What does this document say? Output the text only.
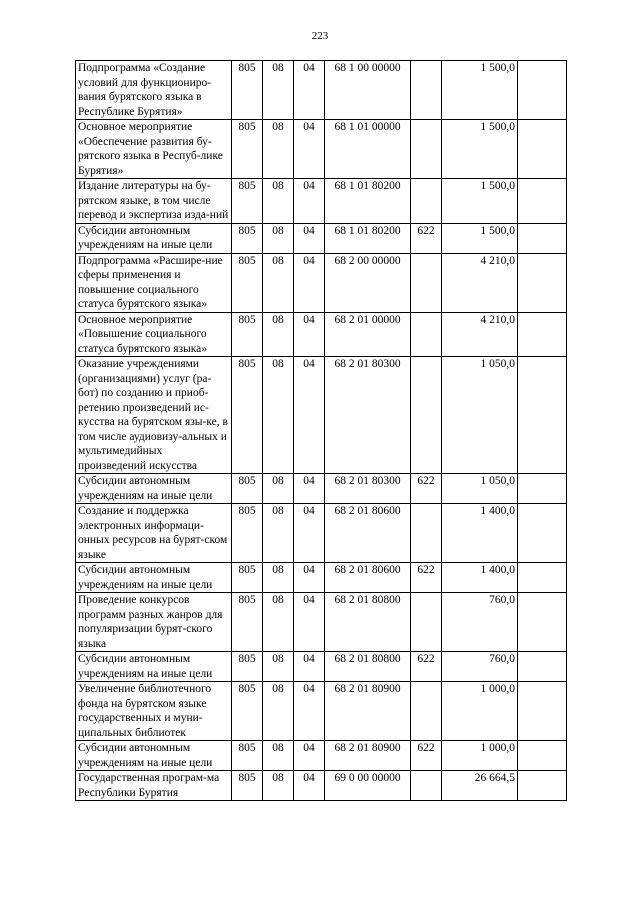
223
Подпрограмма «Создание условий для функциониро-вания бурятского языка в Республике Бурятия»	805	08	04	68 1 00 00000		1 500,0	
Основное мероприятие «Обеспечение развития бу-рятского языка в Респуб-лике Бурятия»	805	08	04	68 1 01 00000		1 500,0	
Издание литературы на бу-рятском языке, в том числе перевод и экспертиза изда-ний	805	08	04	68 1 01 80200		1 500,0	
Субсидии автономным учреждениям на иные цели	805	08	04	68 1 01 80200	622	1 500,0	
Подпрограмма «Расшире-ние сферы применения и повышение социального статуса бурятского языка»	805	08	04	68 2 00 00000		4 210,0	
Основное мероприятие «Повышение социального статуса бурятского языка»	805	08	04	68 2 01 00000		4 210,0	
Оказание учреждениями (организациями) услуг (ра-бот) по созданию и приоб-ретению произведений ис-кусства на бурятском язы-ке, в том числе аудиовизу-альных и мультимедийных произведений искусства	805	08	04	68 2 01 80300		1 050,0	
Субсидии автономным учреждениям на иные цели	805	08	04	68 2 01 80300	622	1 050,0	
Создание и поддержка электронных информаци-онных ресурсов на бурят-ском языке	805	08	04	68 2 01 80600		1 400,0	
Субсидии автономным учреждениям на иные цели	805	08	04	68 2 01 80600	622	1 400,0	
Проведение конкурсов программ разных жанров для популяризации бурят-ского языка	805	08	04	68 2 01 80800		760,0	
Субсидии автономным учреждениям на иные цели	805	08	04	68 2 01 80800	622	760,0	
Увеличение библиотечного фонда на бурятском языке государственных и муни-ципальных библиотек	805	08	04	68 2 01 80900		1 000,0	
Субсидии автономным учреждениям на иные цели	805	08	04	68 2 01 80900	622	1 000,0	
Государственная програм-ма Республики Бурятия	805	08	04	69 0 00 00000		26 664,5	
